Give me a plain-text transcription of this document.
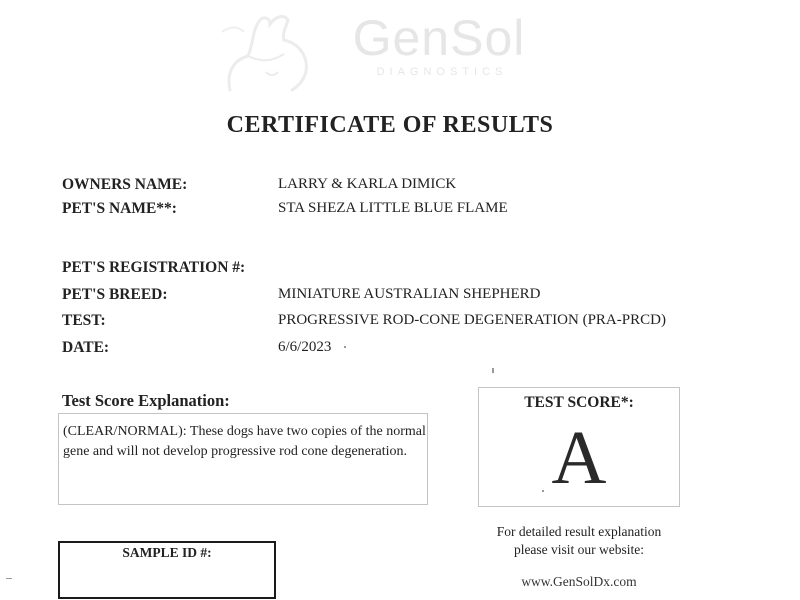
GenSol
DIAGNOSTICS
CERTIFICATE OF RESULTS
OWNERS NAME:	LARRY & KARLA DIMICK
PET'S NAME**:	STA SHEZA LITTLE BLUE FLAME
PET'S REGISTRATION #:
PET'S BREED:	MINIATURE AUSTRALIAN SHEPHERD
TEST:	PROGRESSIVE ROD-CONE DEGENERATION (PRA-PRCD)
DATE:	6/6/2023
Test Score Explanation:
(CLEAR/NORMAL): These dogs have two copies of the normal gene and will not develop progressive rod cone degeneration.
TEST SCORE*:
A
SAMPLE ID #:
For detailed result explanation
please visit our website:
www.GenSolDx.com
